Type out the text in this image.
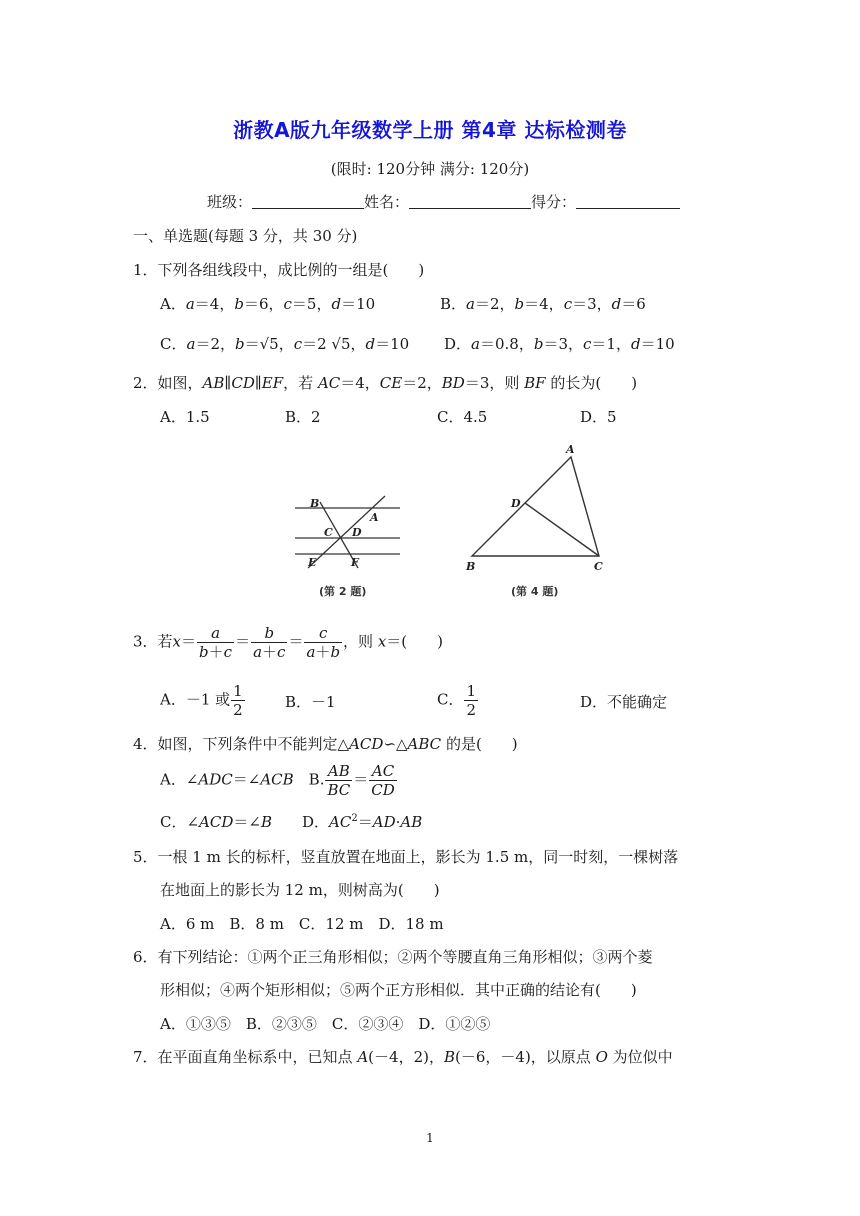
浙教A版九年级数学上册 第4章 达标检测卷
(限时: 120分钟 满分: 120分)
班级：	姓名：	得分：
一、单选题(每题 3 分，共 30 分)
1．下列各组线段中，成比例的一组是(　　)
A．a＝4，b＝6，c＝5，d＝10	B．a＝2，b＝4，c＝3，d＝6
C．a＝2，b＝√5，c＝2 √5，d＝10 D．a＝0.8，b＝3，c＝1，d＝10
2．如图，AB∥CD∥EF，若 AC＝4，CE＝2，BD＝3，则 BF 的长为(　　)
A．1.5	B．2	C．4.5	D．5
B
A
C D
E	F
(第 2 题)
A
D
B	C
(第 4 题)
3．若$x= \frac{a}{b+c} = \frac{b}{a+c} = \frac{c}{a+b}$ ，则 x＝(　　)
A．－1 或 $\frac{1}{2}$	B．－1	C． $\frac{1}{2}$	D．不能确定
4．如图，下列条件中不能判定△ACD∽△ABC 的是(　　)
A．∠ADC＝∠ACB　B. $\frac{AB}{BC} = \frac{AC}{CD}$
C．∠ACD＝∠B　　D．$AC^2=AD\cdot AB$
5．一根 1 m 长的标杆，竖直放置在地面上，影长为 1.5 m，同一时刻，一棵树落
在地面上的影长为 12 m，则树高为(　　)
A．6 m　B．8 m　C．12 m　D．18 m
6．有下列结论：①两个正三角形相似；②两个等腰直角三角形相似；③两个菱
形相似；④两个矩形相似；⑤两个正方形相似．其中正确的结论有(　　)
A．①③⑤　B．②③⑤　C．②③④　D．①②⑤
7．在平面直角坐标系中，已知点 A(－4，2)，B(－6，－4)，以原点 O 为位似中
1
